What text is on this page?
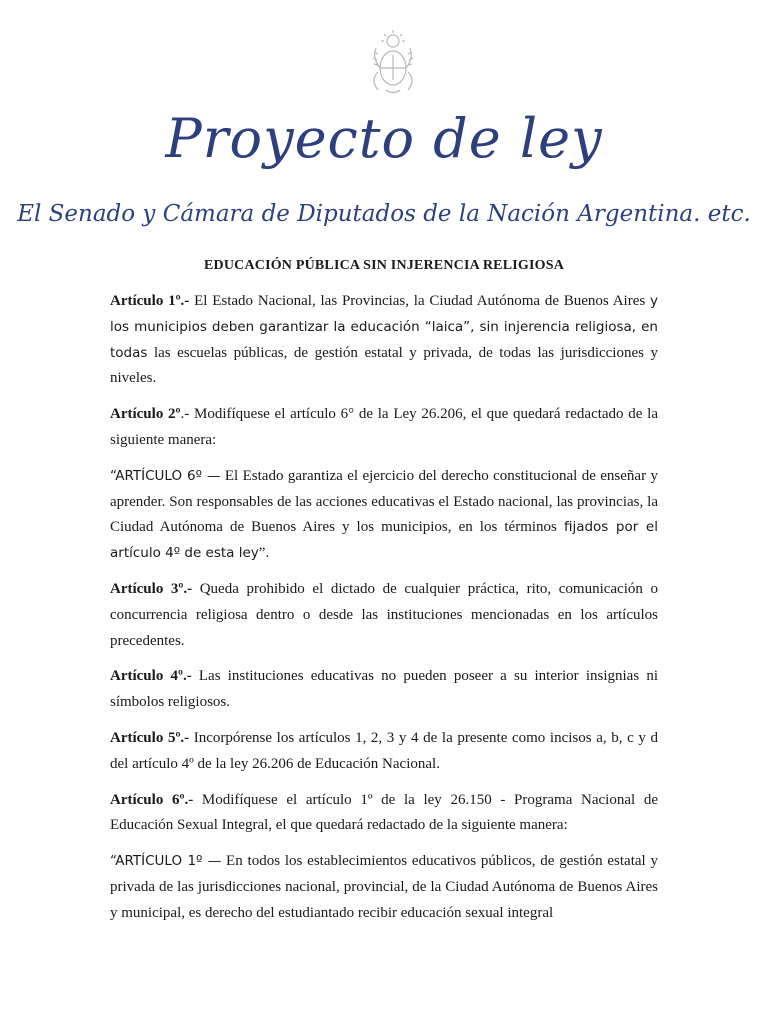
Proyecto de ley
El Senado y Cámara de Diputados de la Nación Argentina. etc.
EDUCACIÓN PÚBLICA SIN INJERENCIA RELIGIOSA

Artículo 1º.- El Estado Nacional, las Provincias, la Ciudad Autónoma de Buenos Aires y los municipios deben garantizar la educación “laica”, sin injerencia religiosa, en todas las escuelas públicas, de gestión estatal y privada, de todas las jurisdicciones y niveles.

Artículo 2º.- Modifíquese el artículo 6° de la Ley 26.206, el que quedará redactado de la siguiente manera:

“ARTÍCULO 6º — El Estado garantiza el ejercicio del derecho constitucional de enseñar y aprender. Son responsables de las acciones educativas el Estado nacional, las provincias, la Ciudad Autónoma de Buenos Aires y los municipios, en los términos fijados por el artículo 4º de esta ley”.

Artículo 3º.- Queda prohibido el dictado de cualquier práctica, rito, comunicación o concurrencia religiosa dentro o desde las instituciones mencionadas en los artículos precedentes.

Artículo 4º.- Las instituciones educativas no pueden poseer a su interior insignias ni símbolos religiosos.

Artículo 5º.- Incorpórense los artículos 1, 2, 3 y 4 de la presente como incisos a, b, c y d del artículo 4º de la ley 26.206 de Educación Nacional.

Artículo 6º.- Modifíquese el artículo 1º de la ley 26.150 - Programa Nacional de Educación Sexual Integral, el que quedará redactado de la siguiente manera:

“ARTÍCULO 1º — En todos los establecimientos educativos públicos, de gestión estatal y privada de las jurisdicciones nacional, provincial, de la Ciudad Autónoma de Buenos Aires y municipal, es derecho del estudiantado recibir educación sexual integral
